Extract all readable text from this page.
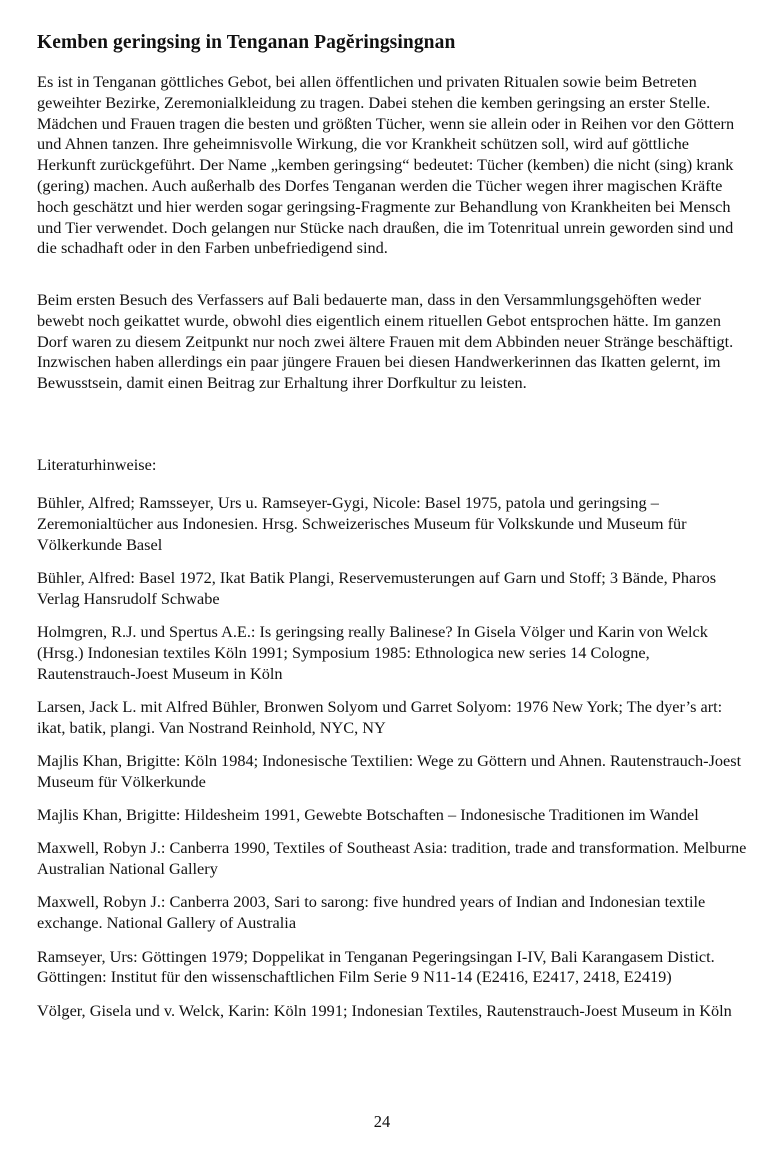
Kemben geringsing in Tenganan Pagĕringsingnan

Es ist in Tenganan göttliches Gebot, bei allen öffentlichen und privaten Ritualen sowie beim Betreten geweihter Bezirke, Zeremonialkleidung zu tragen. Dabei stehen die kemben geringsing an erster Stelle. Mädchen und Frauen tragen die besten und größten Tücher, wenn sie allein oder in Reihen vor den Göttern und Ahnen tanzen. Ihre geheimnisvolle Wirkung, die vor Krankheit schützen soll, wird auf göttliche Herkunft zurückgeführt. Der Name „kemben geringsing“ bedeutet: Tücher (kemben) die nicht (sing) krank (gering) machen. Auch außerhalb des Dorfes Tenganan werden die Tücher wegen ihrer magischen Kräfte hoch geschätzt und hier werden sogar geringsing-Fragmente zur Behandlung von Krankheiten bei Mensch und Tier verwendet. Doch gelangen nur Stücke nach draußen, die im Totenritual unrein geworden sind und die schadhaft oder in den Farben unbefriedigend sind.

Beim ersten Besuch des Verfassers auf Bali bedauerte man, dass in den Versammlungsgehöften weder bewebt noch geikattet wurde, obwohl dies eigentlich einem rituellen Gebot entsprochen hätte. Im ganzen Dorf waren zu diesem Zeitpunkt nur noch zwei ältere Frauen mit dem Abbinden neuer Stränge beschäftigt. Inzwischen haben allerdings ein paar jüngere Frauen bei diesen Handwerkerinnen das Ikatten gelernt, im Bewusstsein, damit einen Beitrag zur Erhaltung ihrer Dorfkultur zu leisten.

Literaturhinweise:

Bühler, Alfred; Ramsseyer, Urs u. Ramseyer-Gygi, Nicole: Basel 1975, patola und geringsing – Zeremonialtücher aus Indonesien. Hrsg. Schweizerisches Museum für Volkskunde und Museum für Völkerkunde Basel
Bühler, Alfred: Basel 1972, Ikat Batik Plangi, Reservemusterungen auf Garn und Stoff; 3 Bände, Pharos Verlag Hansrudolf Schwabe
Holmgren, R.J. und Spertus A.E.: Is geringsing really Balinese? In Gisela Völger und Karin von Welck (Hrsg.) Indonesian textiles Köln 1991; Symposium 1985: Ethnologica new series 14 Cologne, Rautenstrauch-Joest Museum in Köln
Larsen, Jack L. mit Alfred Bühler, Bronwen Solyom und Garret Solyom: 1976 New York; The dyer’s art: ikat, batik, plangi. Van Nostrand Reinhold, NYC, NY
Majlis Khan, Brigitte: Köln 1984; Indonesische Textilien: Wege zu Göttern und Ahnen. Rautenstrauch-Joest Museum für Völkerkunde
Majlis Khan, Brigitte: Hildesheim 1991, Gewebte Botschaften – Indonesische Traditionen im Wandel
Maxwell, Robyn J.: Canberra 1990, Textiles of Southeast Asia: tradition, trade and transformation. Melburne Australian National Gallery
Maxwell, Robyn J.: Canberra 2003, Sari to sarong: five hundred years of Indian and Indonesian textile exchange. National Gallery of Australia
Ramseyer, Urs: Göttingen 1979; Doppelikat in Tenganan Pegeringsingan I-IV, Bali Karangasem Distict. Göttingen: Institut für den wissenschaftlichen Film Serie 9 N11-14 (E2416, E2417, 2418, E2419)
Völger, Gisela und v. Welck, Karin: Köln 1991; Indonesian Textiles, Rautenstrauch-Joest Museum in Köln
24
